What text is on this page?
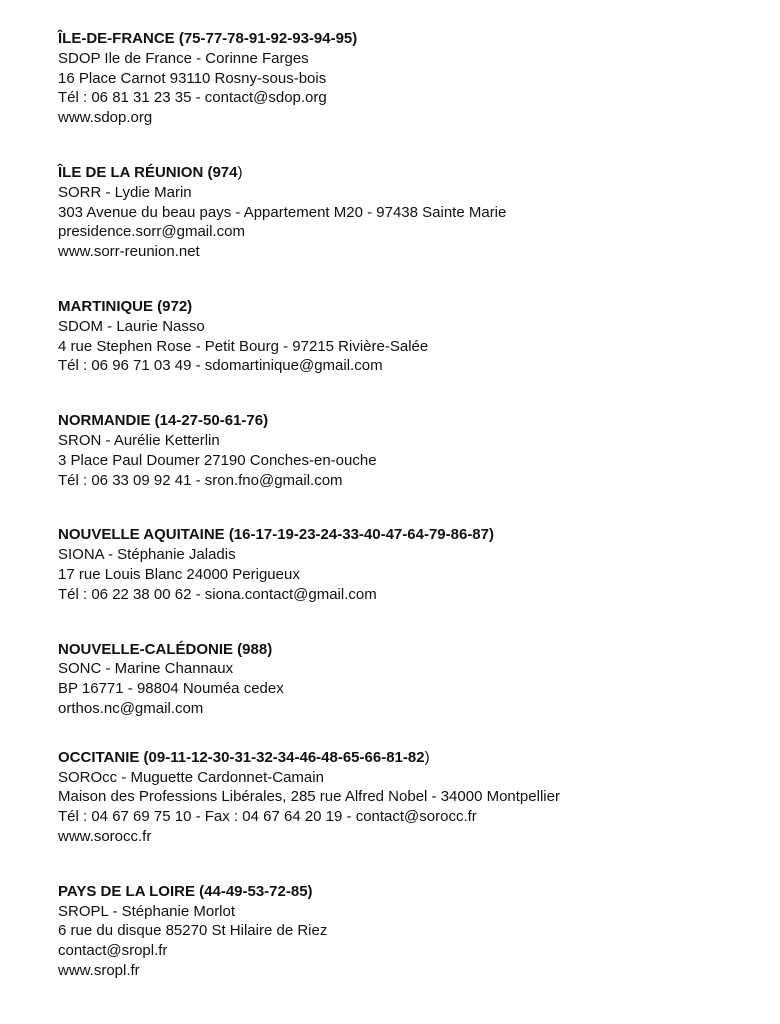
ÎLE-DE-FRANCE (75-77-78-91-92-93-94-95)
SDOP Ile de France - Corinne Farges
16 Place Carnot 93110 Rosny-sous-bois
Tél : 06 81 31 23 35 - contact@sdop.org
www.sdop.org
ÎLE DE LA RÉUNION (974)
SORR - Lydie Marin
303 Avenue du beau pays - Appartement M20 - 97438 Sainte Marie
presidence.sorr@gmail.com
www.sorr-reunion.net
MARTINIQUE (972)
SDOM - Laurie Nasso
4 rue Stephen Rose - Petit Bourg - 97215 Rivière-Salée
Tél : 06 96 71 03 49 - sdomartinique@gmail.com
NORMANDIE (14-27-50-61-76)
SRON - Aurélie Ketterlin
3 Place Paul Doumer 27190 Conches-en-ouche
Tél : 06 33 09 92 41 - sron.fno@gmail.com
NOUVELLE AQUITAINE (16-17-19-23-24-33-40-47-64-79-86-87)
SIONA - Stéphanie Jaladis
17 rue Louis Blanc 24000 Perigueux
Tél : 06 22 38 00 62 - siona.contact@gmail.com
NOUVELLE-CALÉDONIE (988)
SONC - Marine Channaux
BP 16771 - 98804 Nouméa cedex
orthos.nc@gmail.com
OCCITANIE (09-11-12-30-31-32-34-46-48-65-66-81-82)
SOROcc - Muguette Cardonnet-Camain
Maison des Professions Libérales, 285 rue Alfred Nobel - 34000 Montpellier
Tél : 04 67 69 75 10 - Fax : 04 67 64 20 19 - contact@sorocc.fr
www.sorocc.fr
PAYS DE LA LOIRE (44-49-53-72-85)
SROPL - Stéphanie Morlot
6 rue du disque 85270 St Hilaire de Riez
contact@sropl.fr
www.sropl.fr
